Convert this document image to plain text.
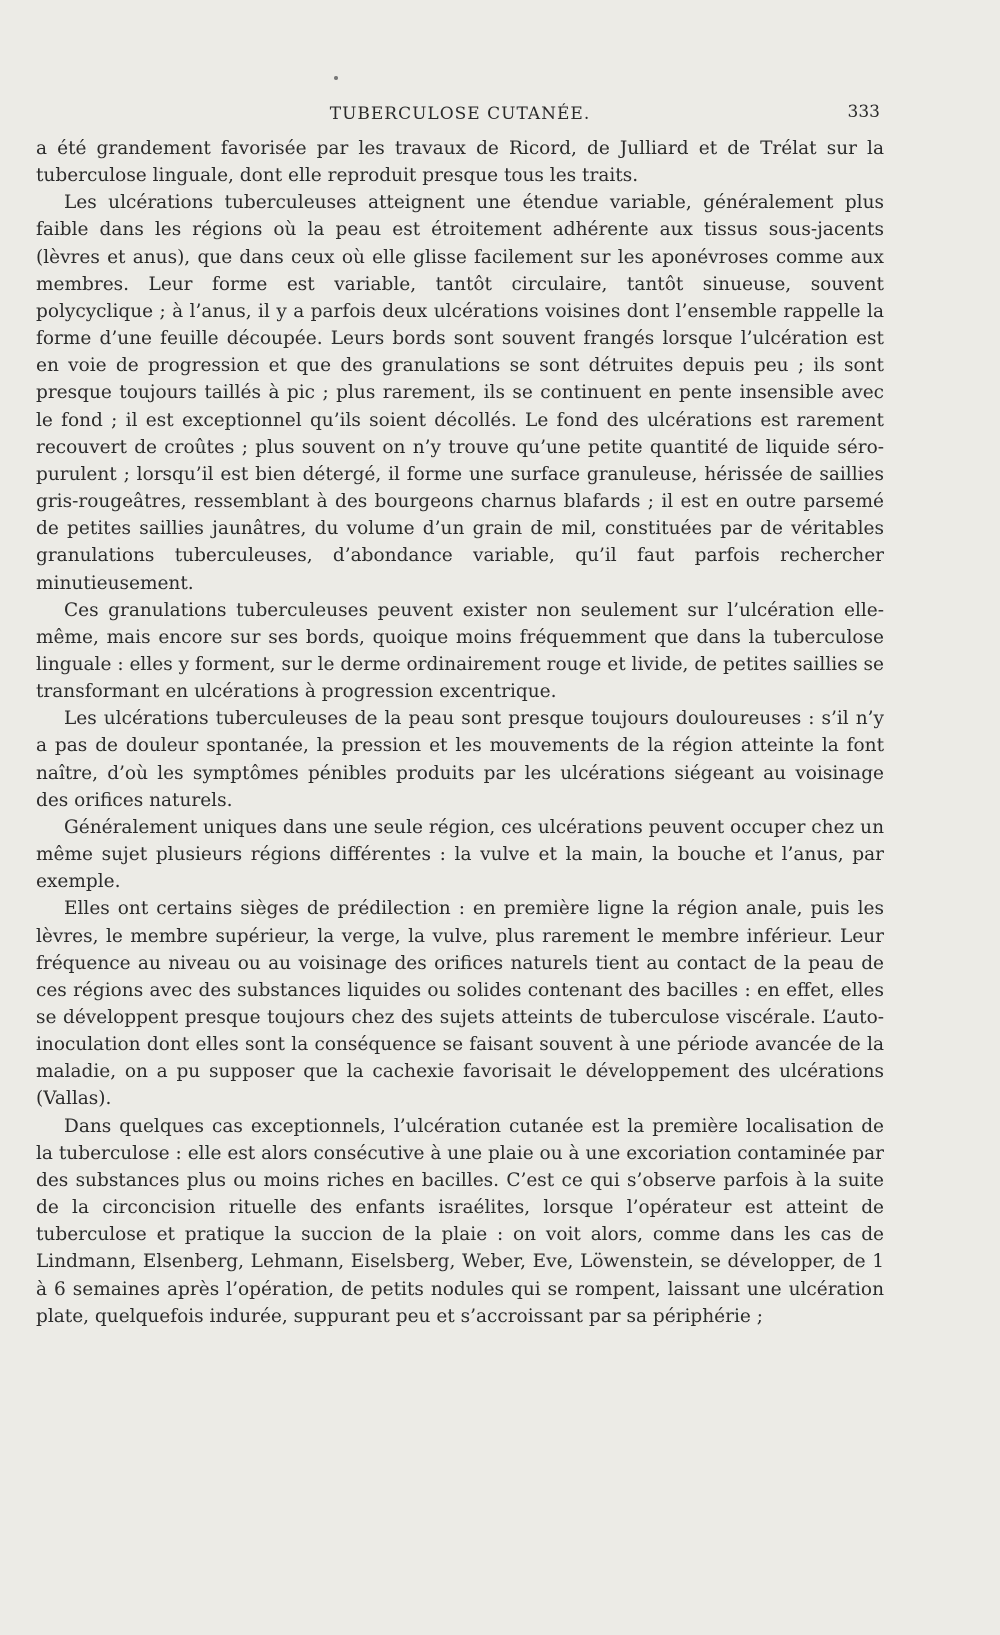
TUBERCULOSE CUTANÉE.	333

a été grandement favorisée par les travaux de Ricord, de Julliard et de Trélat sur la tuberculose linguale, dont elle reproduit presque tous les traits.

Les ulcérations tuberculeuses atteignent une étendue variable, généralement plus faible dans les régions où la peau est étroitement adhérente aux tissus sous-jacents (lèvres et anus), que dans ceux où elle glisse facilement sur les aponévroses comme aux membres. Leur forme est variable, tantôt circulaire, tantôt sinueuse, souvent polycyclique ; à l’anus, il y a parfois deux ulcérations voisines dont l’ensemble rappelle la forme d’une feuille découpée. Leurs bords sont souvent frangés lorsque l’ulcération est en voie de progression et que des granulations se sont détruites depuis peu ; ils sont presque toujours taillés à pic ; plus rarement, ils se continuent en pente insensible avec le fond ; il est exceptionnel qu’ils soient décollés. Le fond des ulcérations est rarement recouvert de croûtes ; plus souvent on n’y trouve qu’une petite quantité de liquide séro-purulent ; lorsqu’il est bien détergé, il forme une surface granuleuse, hérissée de saillies gris-rougeâtres, ressemblant à des bourgeons charnus blafards ; il est en outre parsemé de petites saillies jaunâtres, du volume d’un grain de mil, constituées par de véritables granulations tuberculeuses, d’abondance variable, qu’il faut parfois rechercher minutieusement.

Ces granulations tuberculeuses peuvent exister non seulement sur l’ulcération elle-même, mais encore sur ses bords, quoique moins fréquemment que dans la tuberculose linguale : elles y forment, sur le derme ordinairement rouge et livide, de petites saillies se transformant en ulcérations à progression excentrique.

Les ulcérations tuberculeuses de la peau sont presque toujours douloureuses : s’il n’y a pas de douleur spontanée, la pression et les mouvements de la région atteinte la font naître, d’où les symptômes pénibles produits par les ulcérations siégeant au voisinage des orifices naturels.

Généralement uniques dans une seule région, ces ulcérations peuvent occuper chez un même sujet plusieurs régions différentes : la vulve et la main, la bouche et l’anus, par exemple.

Elles ont certains sièges de prédilection : en première ligne la région anale, puis les lèvres, le membre supérieur, la verge, la vulve, plus rarement le membre inférieur. Leur fréquence au niveau ou au voisinage des orifices naturels tient au contact de la peau de ces régions avec des substances liquides ou solides contenant des bacilles : en effet, elles se développent presque toujours chez des sujets atteints de tuberculose viscérale. L’auto-inoculation dont elles sont la conséquence se faisant souvent à une période avancée de la maladie, on a pu supposer que la cachexie favorisait le développement des ulcérations (Vallas).

Dans quelques cas exceptionnels, l’ulcération cutanée est la première localisation de la tuberculose : elle est alors consécutive à une plaie ou à une excoriation contaminée par des substances plus ou moins riches en bacilles. C’est ce qui s’observe parfois à la suite de la circoncision rituelle des enfants israélites, lorsque l’opérateur est atteint de tuberculose et pratique la succion de la plaie : on voit alors, comme dans les cas de Lindmann, Elsenberg, Lehmann, Eiselsberg, Weber, Eve, Löwenstein, se développer, de 1 à 6 semaines après l’opération, de petits nodules qui se rompent, laissant une ulcération plate, quelquefois indurée, suppurant peu et s’accroissant par sa périphérie ;
